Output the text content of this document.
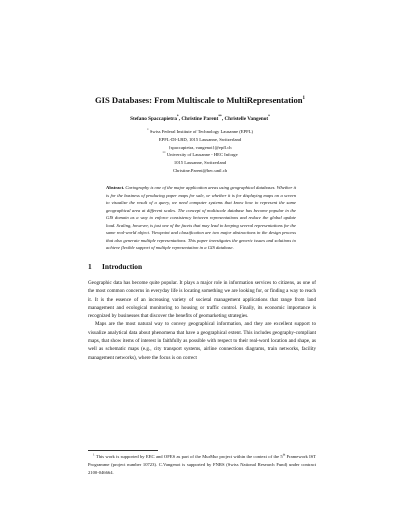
GIS Databases: From Multiscale to MultiRepresentation$^1$
Stefano Spaccapietra*, Christine Parent**, Christelle Vangenot*
* Swiss Federal Institute of Technology Lausanne (EPFL)
EPFL-DI-LBD, 1015 Lausanne, Switzerland
{spaccapietra, vangenot}@epfl.ch
** University of Lausanne - HEC Inforge
1015 Lausanne, Switzerland
Christine.Parent@hec.unil.ch
Abstract. Cartography is one of the major application areas using geographical databases. Whether it is for the business of producing paper maps for sale, or whether it is for displaying maps on a screen to visualize the result of a query, we need computer systems that know how to represent the same geographical area at different scales. The concept of multiscale database has become popular in the GIS domain as a way to enforce consistency between representations and reduce the global update load. Scaling, however, is just one of the facets that may lead to keeping several representations for the same real-world object. Viewpoint and classification are two major abstractions in the design process that also generate multiple representations. This paper investigates the generic issues and solutions to achieve flexible support of multiple representation in a GIS database.
1 Introduction

Geographic data has become quite popular. It plays a major role in information services to citizens, as one of the most common concerns in everyday life is locating something we are looking for, or finding a way to reach it. It is the essence of an increasing variety of societal management applications that range from land management and ecological monitoring to housing or traffic control. Finally, its economic importance is recognized by businesses that discover the benefits of geomarketing strategies.

Maps are the most natural way to convey geographical information, and they are excellent support to visualize analytical data about phenomena that have a geographical extent. This includes geography-compliant maps, that show items of interest in faithfully as possible with respect to their real-word location and shape, as well as schematic maps (e.g., city transport systems, airline connections diagrams, train networks, facility management networks), where the focus is on correct

$^1$ This work is supported by EEC and OFES as part of the MurMur project within the context of the 5th Framework IST Programme (project number 10723). C.Vangenot is supported by FNRS (Swiss National Research Fund) under contract 2100-046664.
